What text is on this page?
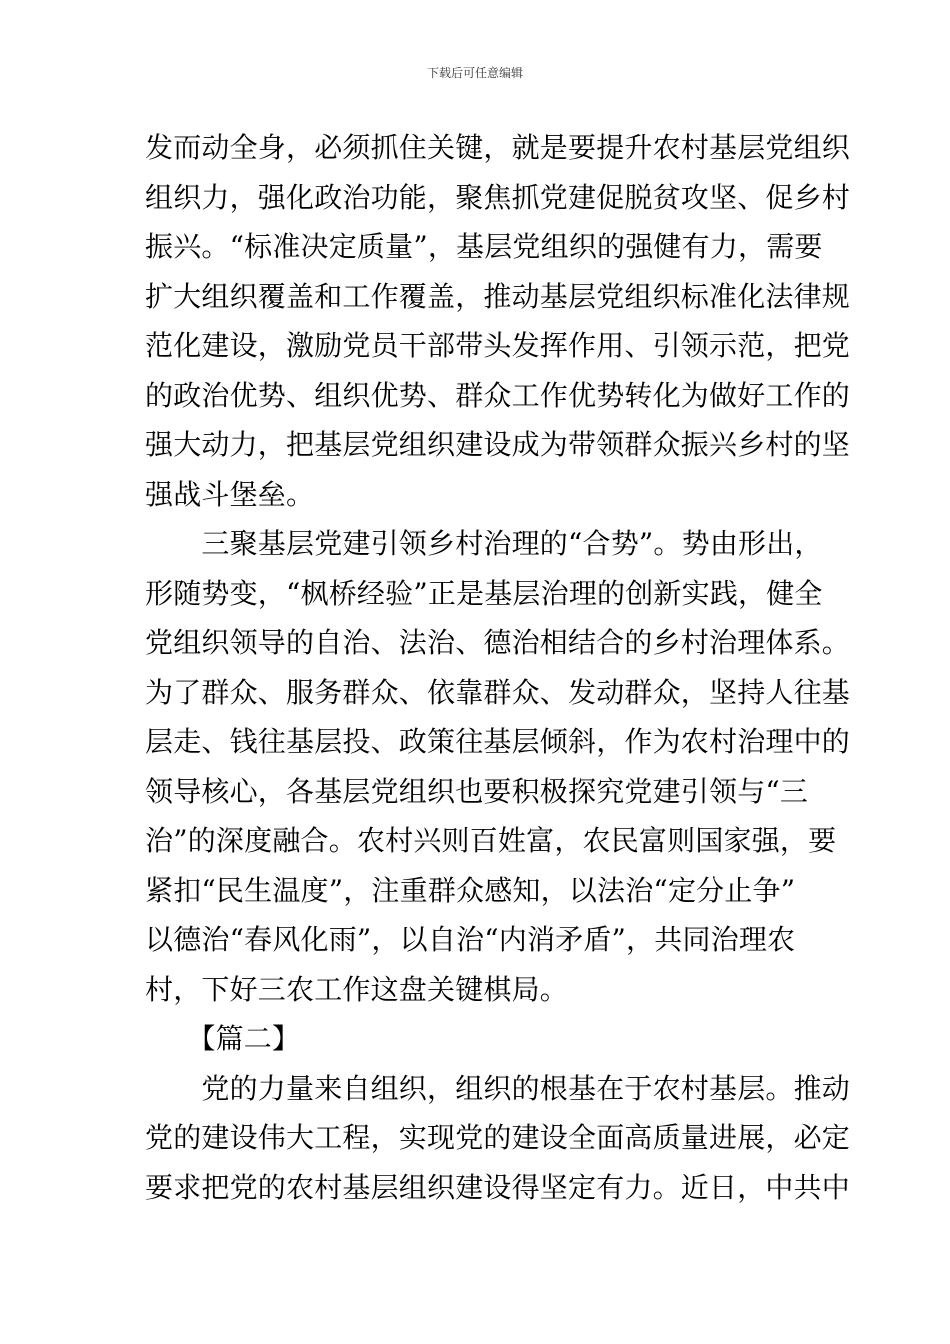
下载后可任意编辑
发而动全身，必须抓住关键，就是要提升农村基层党组织
组织力，强化政治功能，聚焦抓党建促脱贫攻坚、促乡村
振兴。“标准决定质量”，基层党组织的强健有力，需要
扩大组织覆盖和工作覆盖，推动基层党组织标准化法律规
范化建设，激励党员干部带头发挥作用、引领示范，把党
的政治优势、组织优势、群众工作优势转化为做好工作的
强大动力，把基层党组织建设成为带领群众振兴乡村的坚
强战斗堡垒。
　　三聚基层党建引领乡村治理的“合势”。势由形出，
形随势变，“枫桥经验”正是基层治理的创新实践，健全
党组织领导的自治、法治、德治相结合的乡村治理体系。
为了群众、服务群众、依靠群众、发动群众，坚持人往基
层走、钱往基层投、政策往基层倾斜，作为农村治理中的
领导核心，各基层党组织也要积极探究党建引领与“三
治”的深度融合。农村兴则百姓富，农民富则国家强，要
紧扣“民生温度”，注重群众感知，以法治“定分止争”
以德治“春风化雨”，以自治“内消矛盾”，共同治理农
村，下好三农工作这盘关键棋局。
　　【篇二】
　　党的力量来自组织，组织的根基在于农村基层。推动
党的建设伟大工程，实现党的建设全面高质量进展，必定
要求把党的农村基层组织建设得坚定有力。近日，中共中
